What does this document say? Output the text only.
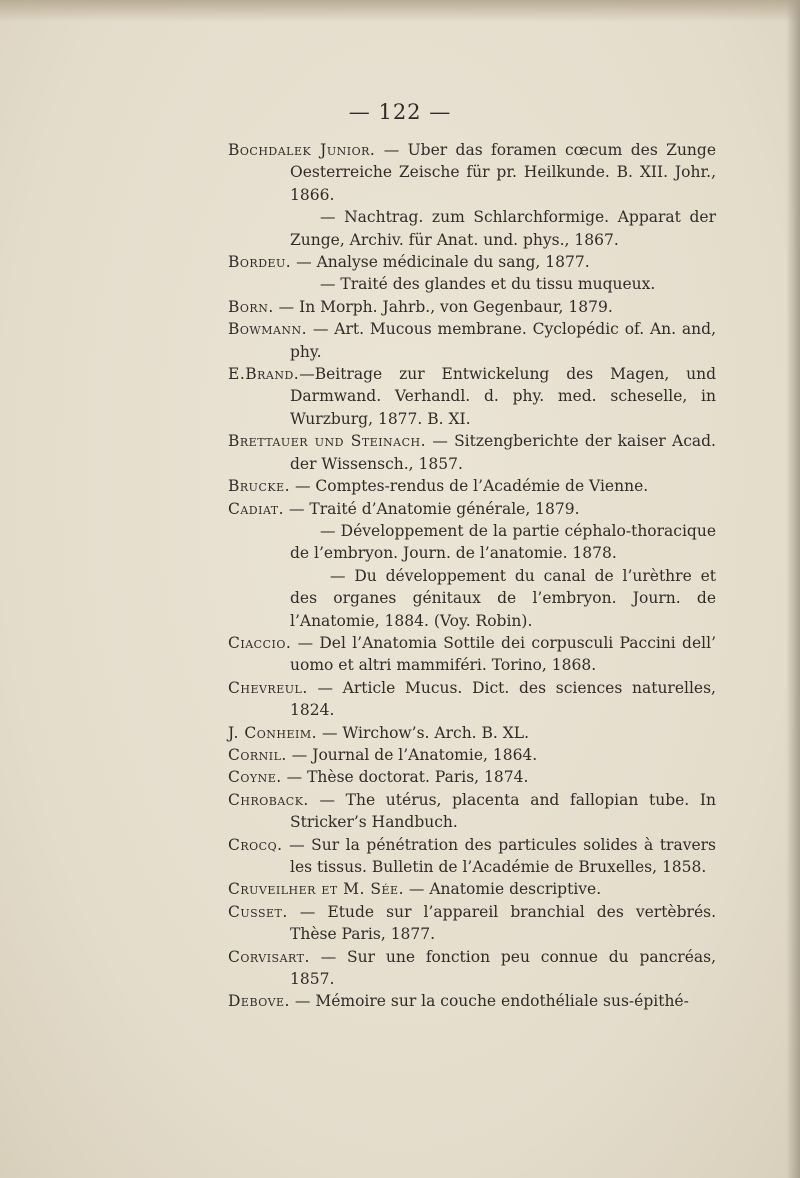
— 122 —
Bochdalek Junior. — Uber das foramen cœcum des Zunge Oesterreiche Zeische für pr. Heilkunde. B. XII. Johr., 1866.
— Nachtrag. zum Schlarchformige. Apparat der Zunge, Archiv. für Anat. und. phys., 1867.
Bordeu. — Analyse médicinale du sang, 1877.
— Traité des glandes et du tissu muqueux.
Born. — In Morph. Jahrb., von Gegenbaur, 1879.
Bowmann. — Art. Mucous membrane. Cyclopédic of. An. and, phy.
E.Brand.—Beitrage zur Entwickelung des Magen, und Darmwand. Verhandl. d. phy. med. scheselle, in Wurzburg, 1877. B. XI.
Brettauer und Steinach. — Sitzengberichte der kaiser Acad. der Wissensch., 1857.
Brucke. — Comptes-rendus de l’Académie de Vienne.
Cadiat. — Traité d’Anatomie générale, 1879.
— Développement de la partie céphalo-thoracique de l’embryon. Journ. de l’anatomie. 1878.
— Du développement du canal de l’urèthre et des organes génitaux de l’embryon. Journ. de l’Anatomie, 1884. (Voy. Robin).
Ciaccio. — Del l’Anatomia Sottile dei corpusculi Paccini dell’ uomo et altri mammiféri. Torino, 1868.
Chevreul. — Article Mucus. Dict. des sciences naturelles, 1824.
J. Conheim. — Wirchow’s. Arch. B. XL.
Cornil. — Journal de l’Anatomie, 1864.
Coyne. — Thèse doctorat. Paris, 1874.
Chroback. — The utérus, placenta and fallopian tube. In Stricker’s Handbuch.
Crocq. — Sur la pénétration des particules solides à travers les tissus. Bulletin de l’Académie de Bruxelles, 1858.
Cruveilher et M. Sée. — Anatomie descriptive.
Cusset. — Etude sur l’appareil branchial des vertèbrés. Thèse Paris, 1877.
Corvisart. — Sur une fonction peu connue du pancréas, 1857.
Debove. — Mémoire sur la couche endothéliale sus-épithé-
